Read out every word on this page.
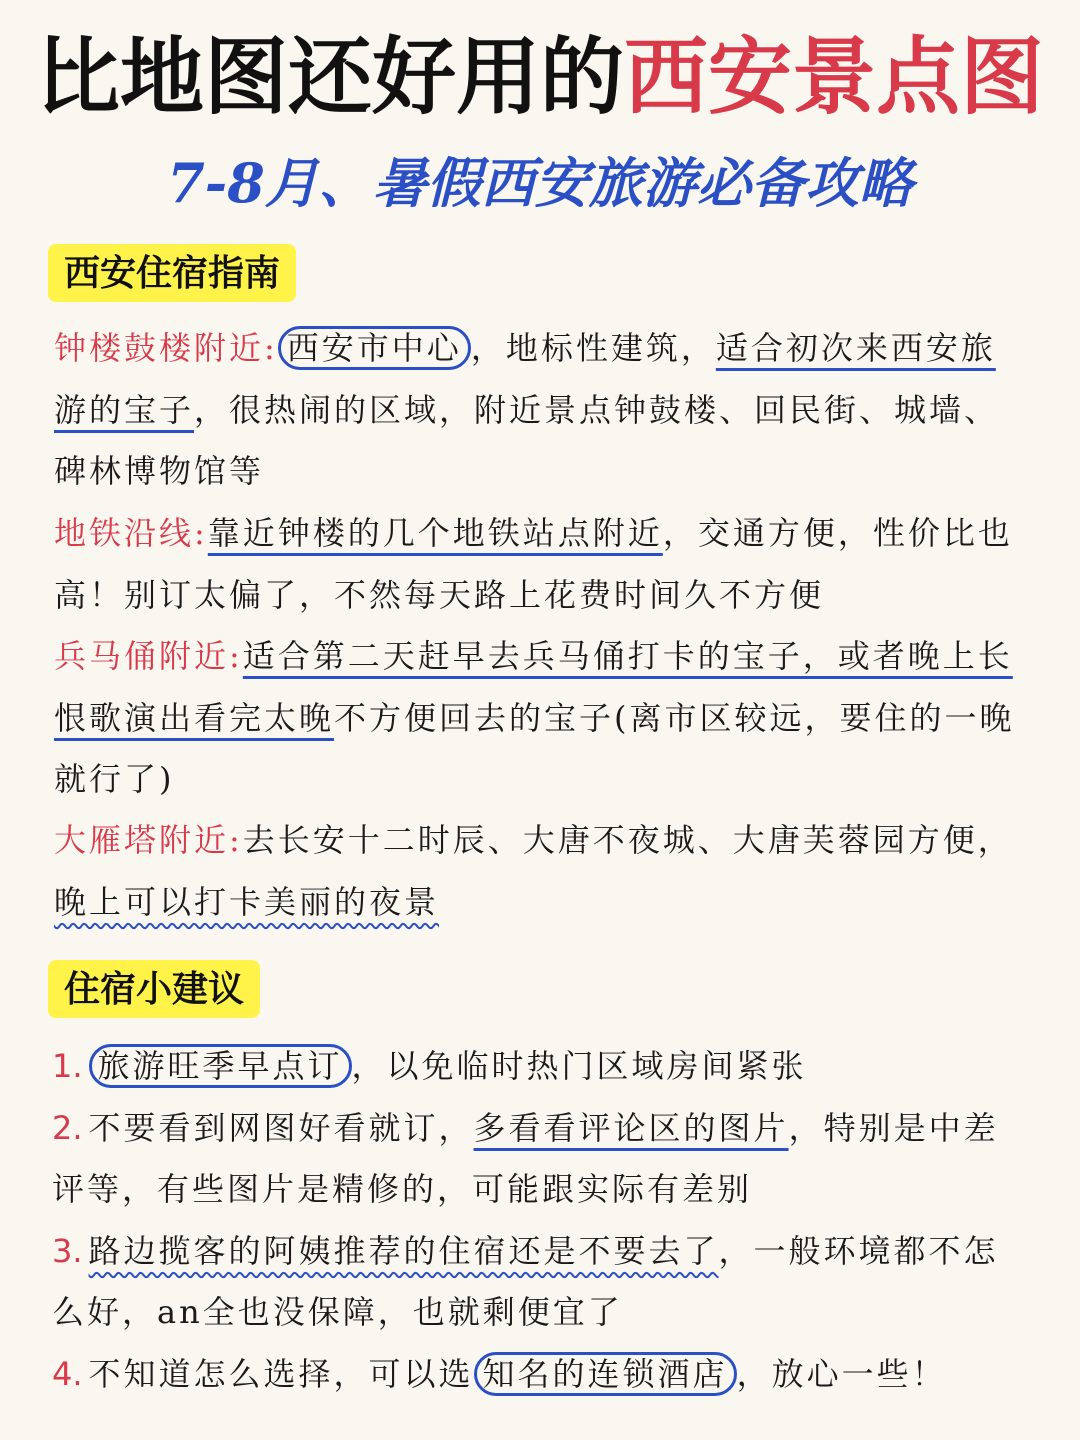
比地图还好用的西安景点图
7-8月、暑假西安旅游必备攻略
西安住宿指南
钟楼鼓楼附近: 西安市中心 ，地标性建筑，适合初次来西安旅游的宝子，很热闹的区域，附近景点钟鼓楼、回民街、城墙、碑林博物馆等
地铁沿线:靠近钟楼的几个地铁站点附近，交通方便，性价比也高！别订太偏了，不然每天路上花费时间久不方便
兵马俑附近:适合第二天赶早去兵马俑打卡的宝子，或者晚上长恨歌演出看完太晚不方便回去的宝子(离市区较远，要住的一晚就行了)
大雁塔附近:去长安十二时辰、大唐不夜城、大唐芙蓉园方便，晚上可以打卡美丽的夜景
住宿小建议
1. 旅游旺季早点订 ，以免临时热门区域房间紧张
2. 不要看到网图好看就订，多看看评论区的图片，特别是中差评等，有些图片是精修的，可能跟实际有差别
3. 路边揽客的阿姨推荐的住宿还是不要去了，一般环境都不怎么好，an全也没保障，也就剩便宜了
4. 不知道怎么选择，可以选 知名的连锁酒店 ，放心一些！
